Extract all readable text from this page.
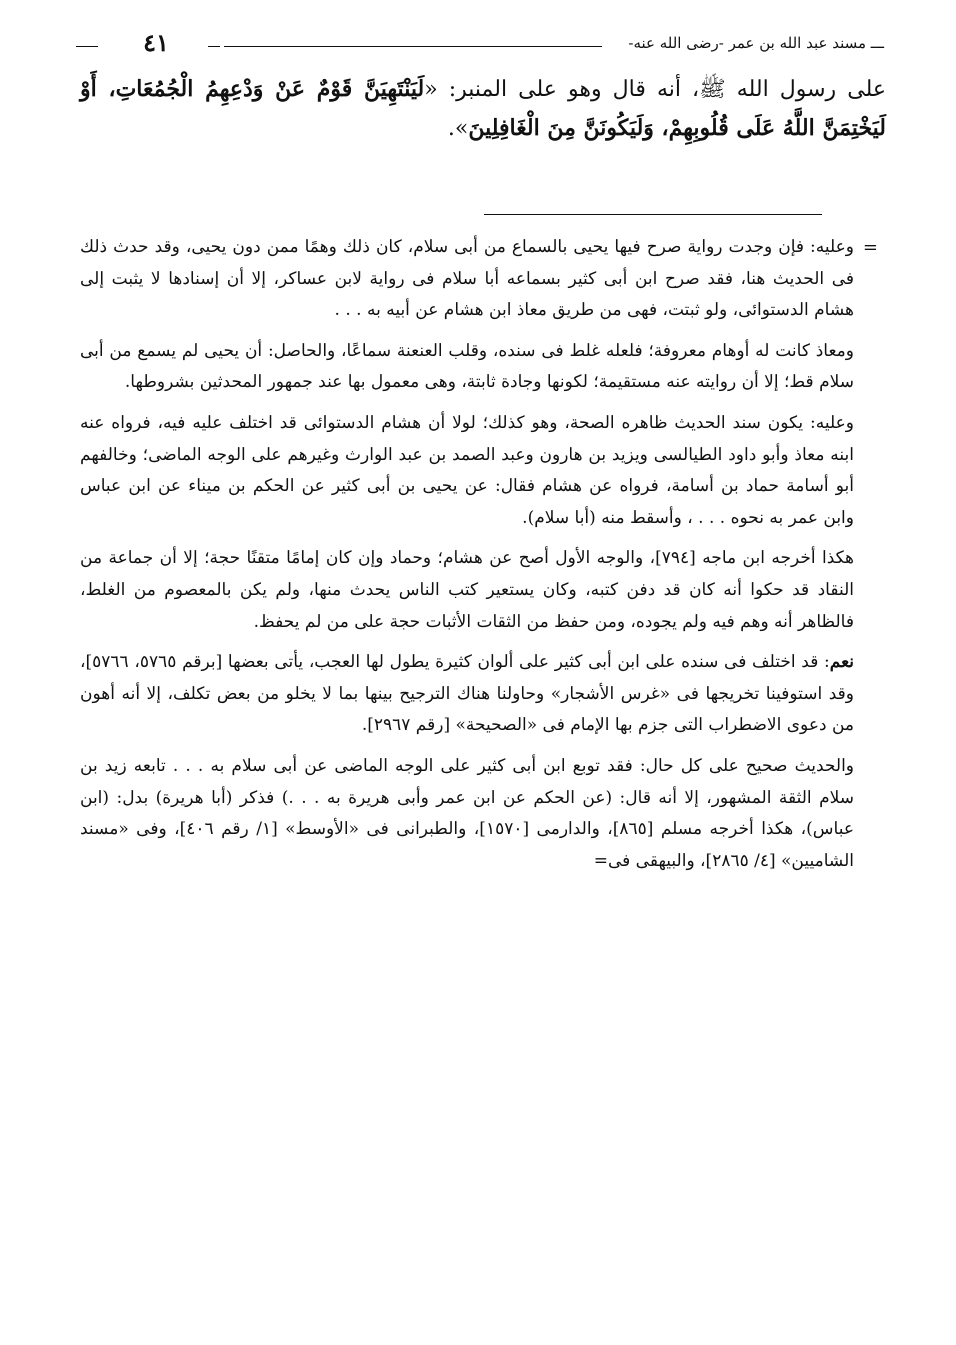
ـــ مسند عبد الله بن عمر -رضى الله عنه-
٤١
على رسول الله ﷺ، أنه قال وهو على المنبر: «لَيَنْتَهِيَنَّ قَوْمٌ عَنْ وَدْعِهِمُ الْجُمُعَاتِ، أَوْ لَيَخْتِمَنَّ اللَّهُ عَلَى قُلُوبِهِمْ، وَلَيَكُونَنَّ مِنَ الْغَافِلِينَ».

=
وعليه: فإن وجدت رواية صرح فيها يحيى بالسماع من أبى سلام، كان ذلك وهمًا ممن دون يحيى، وقد حدث ذلك فى الحديث هنا، فقد صرح ابن أبى كثير بسماعه أبا سلام فى رواية لابن عساكر، إلا أن إسنادها لا يثبت إلى هشام الدستوائى، ولو ثبتت، فهى من طريق معاذ ابن هشام عن أبيه به . . .

ومعاذ كانت له أوهام معروفة؛ فلعله غلط فى سنده، وقلب العنعنة سماعًا، والحاصل: أن يحيى لم يسمع من أبى سلام قط؛ إلا أن روايته عنه مستقيمة؛ لكونها وجادة ثابتة، وهى معمول بها عند جمهور المحدثين بشروطها.

وعليه: يكون سند الحديث ظاهره الصحة، وهو كذلك؛ لولا أن هشام الدستوائى قد اختلف عليه فيه، فرواه عنه ابنه معاذ وأبو داود الطيالسى ويزيد بن هارون وعبد الصمد بن عبد الوارث وغيرهم على الوجه الماضى؛ وخالفهم أبو أسامة حماد بن أسامة، فرواه عن هشام فقال: عن يحيى بن أبى كثير عن الحكم بن ميناء عن ابن عباس وابن عمر به نحوه . . . ، وأسقط منه (أبا سلام).

هكذا أخرجه ابن ماجه [٧٩٤]، والوجه الأول أصح عن هشام؛ وحماد وإن كان إمامًا متقنًا حجة؛ إلا أن جماعة من النقاد قد حكوا أنه كان قد دفن كتبه، وكان يستعير كتب الناس يحدث منها، ولم يكن بالمعصوم من الغلط، فالظاهر أنه وهم فيه ولم يجوده، ومن حفظ من الثقات الأثبات حجة على من لم يحفظ.

نعم: قد اختلف فى سنده على ابن أبى كثير على ألوان كثيرة يطول لها العجب، يأتى بعضها [برقم ٥٧٦٥، ٥٧٦٦]، وقد استوفينا تخريجها فى «غرس الأشجار» وحاولنا هناك الترجيح بينها بما لا يخلو من بعض تكلف، إلا أنه أهون من دعوى الاضطراب التى جزم بها الإمام فى «الصحيحة» [رقم ٢٩٦٧].

والحديث صحيح على كل حال: فقد توبع ابن أبى كثير على الوجه الماضى عن أبى سلام به . . . تابعه زيد بن سلام الثقة المشهور، إلا أنه قال: (عن الحكم عن ابن عمر وأبى هريرة به . . .) فذكر (أبا هريرة) بدل: (ابن عباس)، هكذا أخرجه مسلم [٨٦٥]، والدارمى [١٥٧٠]، والطبرانى فى «الأوسط» [١/ رقم ٤٠٦]، وفى «مسند الشاميين» [٤/ ٢٨٦٥]، والبيهقى فى=
